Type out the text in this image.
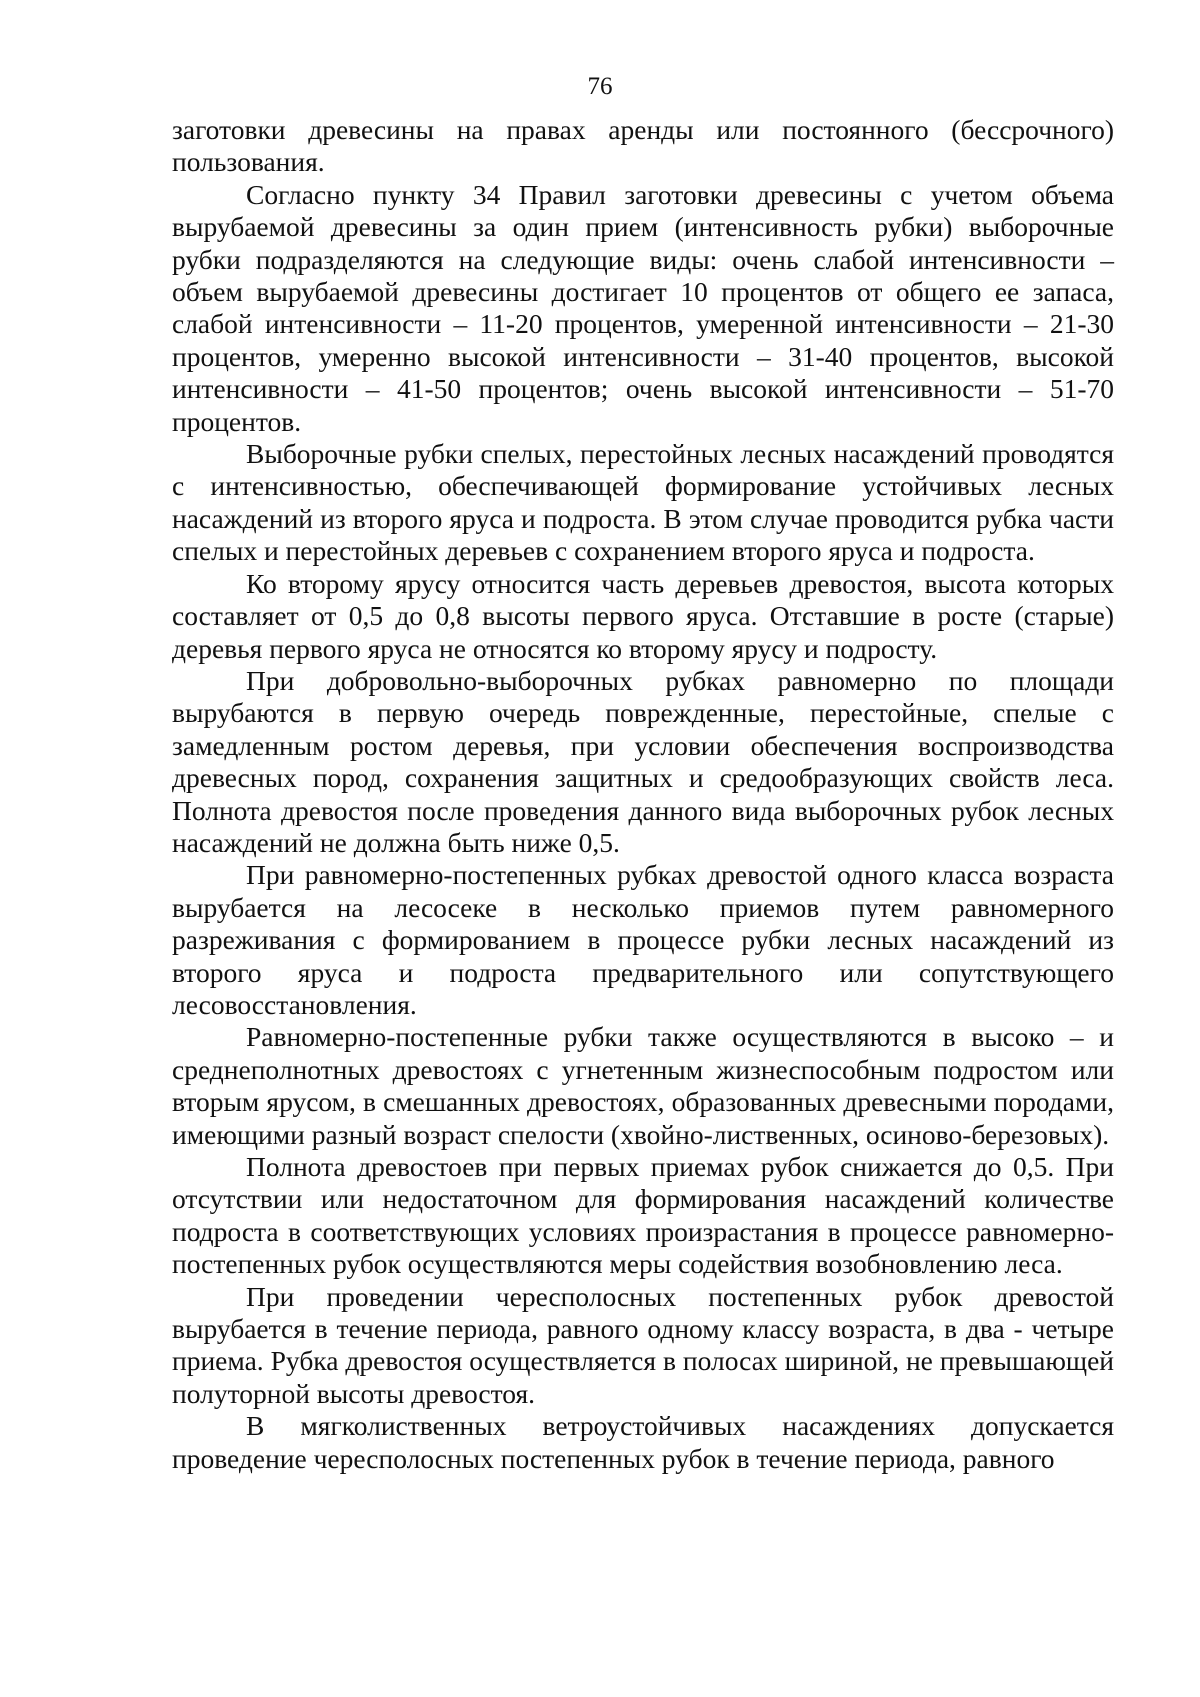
76

заготовки древесины на правах аренды или постоянного (бессрочного) пользования.

Согласно пункту 34 Правил заготовки древесины с учетом объема вырубаемой древесины за один прием (интенсивность рубки) выборочные рубки подразделяются на следующие виды: очень слабой интенсивности – объем вырубаемой древесины достигает 10 процентов от общего ее запаса, слабой интенсивности – 11-20 процентов, умеренной интенсивности – 21-30 процентов, умеренно высокой интенсивности – 31-40 процентов, высокой интенсивности – 41-50 процентов; очень высокой интенсивности – 51-70 процентов.

Выборочные рубки спелых, перестойных лесных насаждений проводятся с интенсивностью, обеспечивающей формирование устойчивых лесных насаждений из второго яруса и подроста. В этом случае проводится рубка части спелых и перестойных деревьев с сохранением второго яруса и подроста.

Ко второму ярусу относится часть деревьев древостоя, высота которых составляет от 0,5 до 0,8 высоты первого яруса. Отставшие в росте (старые) деревья первого яруса не относятся ко второму ярусу и подросту.

При добровольно-выборочных рубках равномерно по площади вырубаются в первую очередь поврежденные, перестойные, спелые с замедленным ростом деревья, при условии обеспечения воспроизводства древесных пород, сохранения защитных и средообразующих свойств леса. Полнота древостоя после проведения данного вида выборочных рубок лесных насаждений не должна быть ниже 0,5.

При равномерно-постепенных рубках древостой одного класса возраста вырубается на лесосеке в несколько приемов путем равномерного разреживания с формированием в процессе рубки лесных насаждений из второго яруса и подроста предварительного или сопутствующего лесовосстановления.

Равномерно-постепенные рубки также осуществляются в высоко – и среднеполнотных древостоях с угнетенным жизнеспособным подростом или вторым ярусом, в смешанных древостоях, образованных древесными породами, имеющими разный возраст спелости (хвойно-лиственных, осиново-березовых).

Полнота древостоев при первых приемах рубок снижается до 0,5. При отсутствии или недостаточном для формирования насаждений количестве подроста в соответствующих условиях произрастания в процессе равномерно-постепенных рубок осуществляются меры содействия возобновлению леса.

При проведении чересполосных постепенных рубок древостой вырубается в течение периода, равного одному классу возраста, в два - четыре приема. Рубка древостоя осуществляется в полосах шириной, не превышающей полуторной высоты древостоя.

В мягколиственных ветроустойчивых насаждениях допускается проведение чересполосных постепенных рубок в течение периода, равного
